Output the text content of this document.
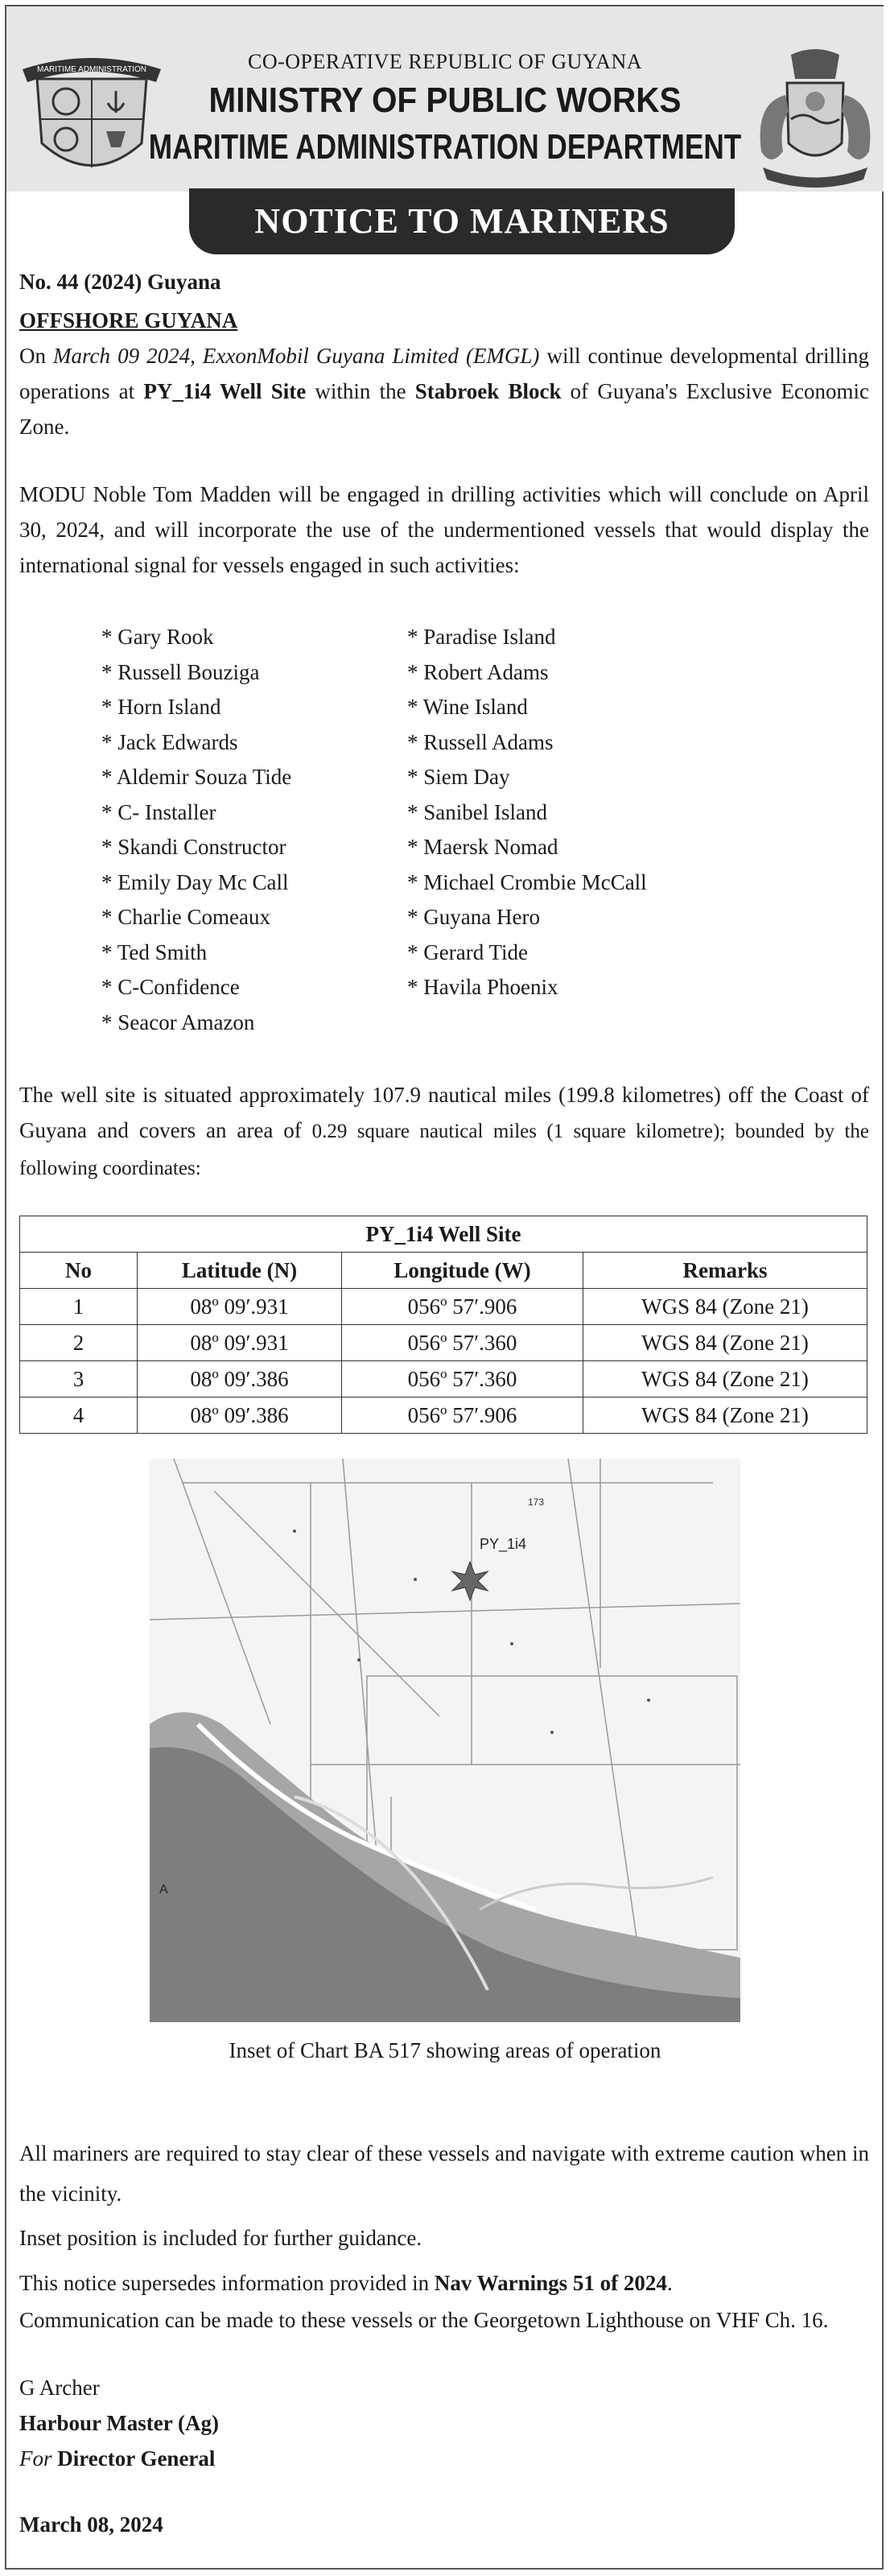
MARITIME ADMINISTRATION	CO-OPERATIVE REPUBLIC OF GUYANA
MINISTRY OF PUBLIC WORKS
MARITIME ADMINISTRATION DEPARTMENT
NOTICE TO MARINERS
No. 44 (2024) Guyana
OFFSHORE GUYANA
On March 09 2024, ExxonMobil Guyana Limited (EMGL) will continue developmental drilling operations at PY_1i4 Well Site within the Stabroek Block of Guyana's Exclusive Economic Zone.
MODU Noble Tom Madden will be engaged in drilling activities which will conclude on April 30, 2024, and will incorporate the use of the undermentioned vessels that would display the international signal for vessels engaged in such activities:
* Gary Rook
* Russell Bouziga
* Horn Island
* Jack Edwards
* Aldemir Souza Tide
* C- Installer
* Skandi Constructor
* Emily Day Mc Call
* Charlie Comeaux
* Ted Smith
* C-Confidence
* Seacor Amazon
* Paradise Island
* Robert Adams
* Wine Island
* Russell Adams
* Siem Day
* Sanibel Island
* Maersk Nomad
* Michael Crombie McCall
* Guyana Hero
* Gerard Tide
* Havila Phoenix
The well site is situated approximately 107.9 nautical miles (199.8 kilometres) off the Coast of Guyana and covers an area of 0.29 square nautical miles (1 square kilometre); bounded by the following coordinates:
PY_1i4 Well Site			
No	Latitude (N)	Longitude (W)	Remarks
1	08º 09′.931	056º 57′.906	WGS 84 (Zone 21)
2	08º 09′.931	056º 57′.360	WGS 84 (Zone 21)
3	08º 09′.386	056º 57′.360	WGS 84 (Zone 21)
4	08º 09′.386	056º 57′.906	WGS 84 (Zone 21)
PY_1i4
173
A
Inset of Chart BA 517 showing areas of operation
All mariners are required to stay clear of these vessels and navigate with extreme caution when in the vicinity.
Inset position is included for further guidance.
This notice supersedes information provided in Nav Warnings 51 of 2024.
Communication can be made to these vessels or the Georgetown Lighthouse on VHF Ch. 16.
G Archer
Harbour Master (Ag)
For Director General
March 08, 2024
